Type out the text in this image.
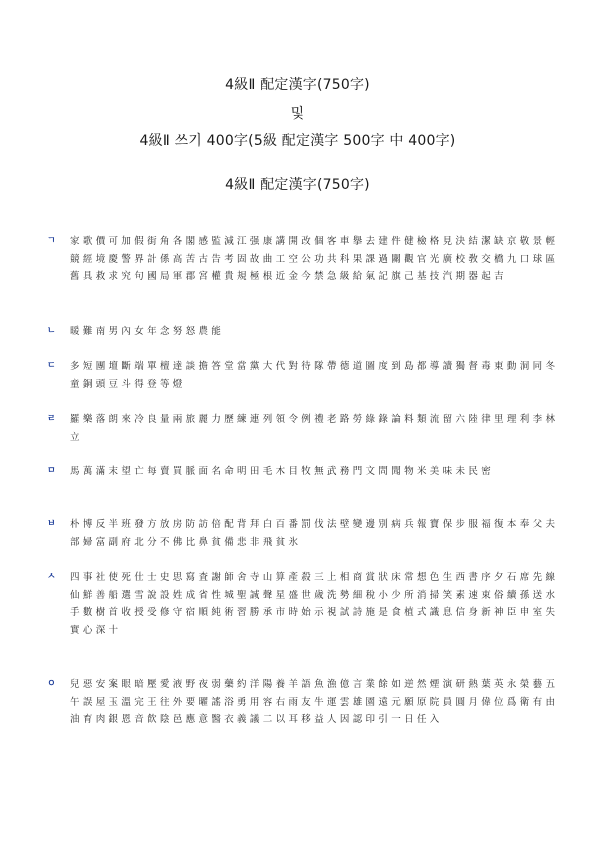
4級Ⅱ 配定漢字(750字)
및
4級Ⅱ 쓰기 400字(5級 配定漢字 500字 中 400字)
4級Ⅱ 配定漢字(750字)
ㄱ 家歌價可加假街角各閣感監減江强康講開改個客車擧去建件健檢格見決結潔缺京敬景輕競經境慶警界計係高苦古告考固故曲工空公功共科果課過關觀官光廣校敎交橋九口球區舊具救求究句國局軍郡宮權貴規極根近金今禁急級給氣記旗己基技汽期器起吉
ㄴ 暖難南男內女年念努怒農能
ㄷ 多短團壇斷端單檀達談擔答堂當黨大代對待隊帶德道圖度到島都導讀獨督毒東動洞同冬童銅頭豆斗得登等燈
ㄹ 羅樂落朗來冷良量兩旅麗力歷練連列領令例禮老路勞綠錄論料類流留六陸律里理利李林立
ㅁ 馬萬滿末望亡每賣買脈面名命明田毛木目牧無武務門文問聞物米美味未民密
ㅂ 朴博反半班發方放房防訪倍配背拜白百番罰伐法壁變邊別病兵報寶保步服福復本奉父夫部婦富副府北分不佛比鼻貧備悲非飛貧氷
ㅅ 四事社使死仕士史思寫査謝師舍寺山算產殺三上相商賞狀床常想色生西書序夕石席先線仙鮮善船選雪說設姓成省性城聖誠聲星盛世歲洗勢細稅小少所消掃笑素速束俗續孫送水手數樹首收授受修守宿順純術習勝承市時始示視試詩施是食植式識息信身新神臣申室失實心深十
ㅇ 兒惡安案眼暗壓愛液野夜弱藥約洋陽養羊語魚漁億言業餘如逆然煙演研熱葉英永榮藝五午誤屋玉溫完王往外要曜謠浴勇用容右雨友牛運雲雄園遠元願原院員圓月偉位爲衛有由油育肉銀恩音飮陰邑應意醫衣義議二以耳移益人因認印引一日任入
